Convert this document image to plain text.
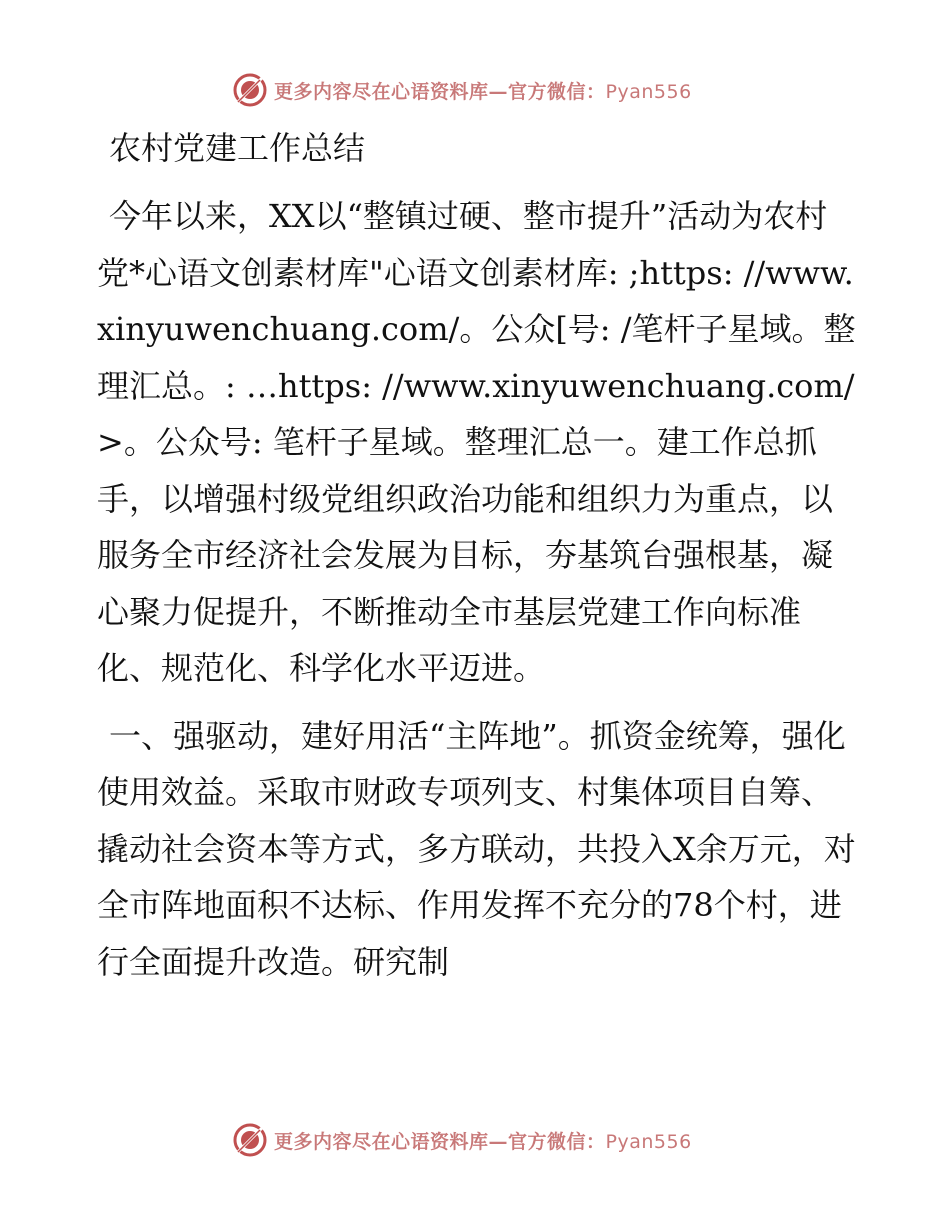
更多内容尽在心语资料库—官方微信：Pyan556
农村党建工作总结

今年以来，XX以“整镇过硬、整市提升”活动为农村党*心语文创素材库"心语文创素材库: ;https: //www.xinyuwenchuang.com/。公众[号: /笔杆子星域。整理汇总。: …https: //www.xinyuwenchuang.com/>。公众号: 笔杆子星域。整理汇总一。建工作总抓手，以增强村级党组织政治功能和组织力为重点，以服务全市经济社会发展为目标，夯基筑台强根基，凝心聚力促提升，不断推动全市基层党建工作向标准化、规范化、科学化水平迈进。

一、强驱动，建好用活“主阵地”。抓资金统筹，强化使用效益。采取市财政专项列支、村集体项目自筹、撬动社会资本等方式，多方联动，共投入X余万元，对全市阵地面积不达标、作用发挥不充分的78个村，进行全面提升改造。研究制

更多内容尽在心语资料库—官方微信：Pyan556
